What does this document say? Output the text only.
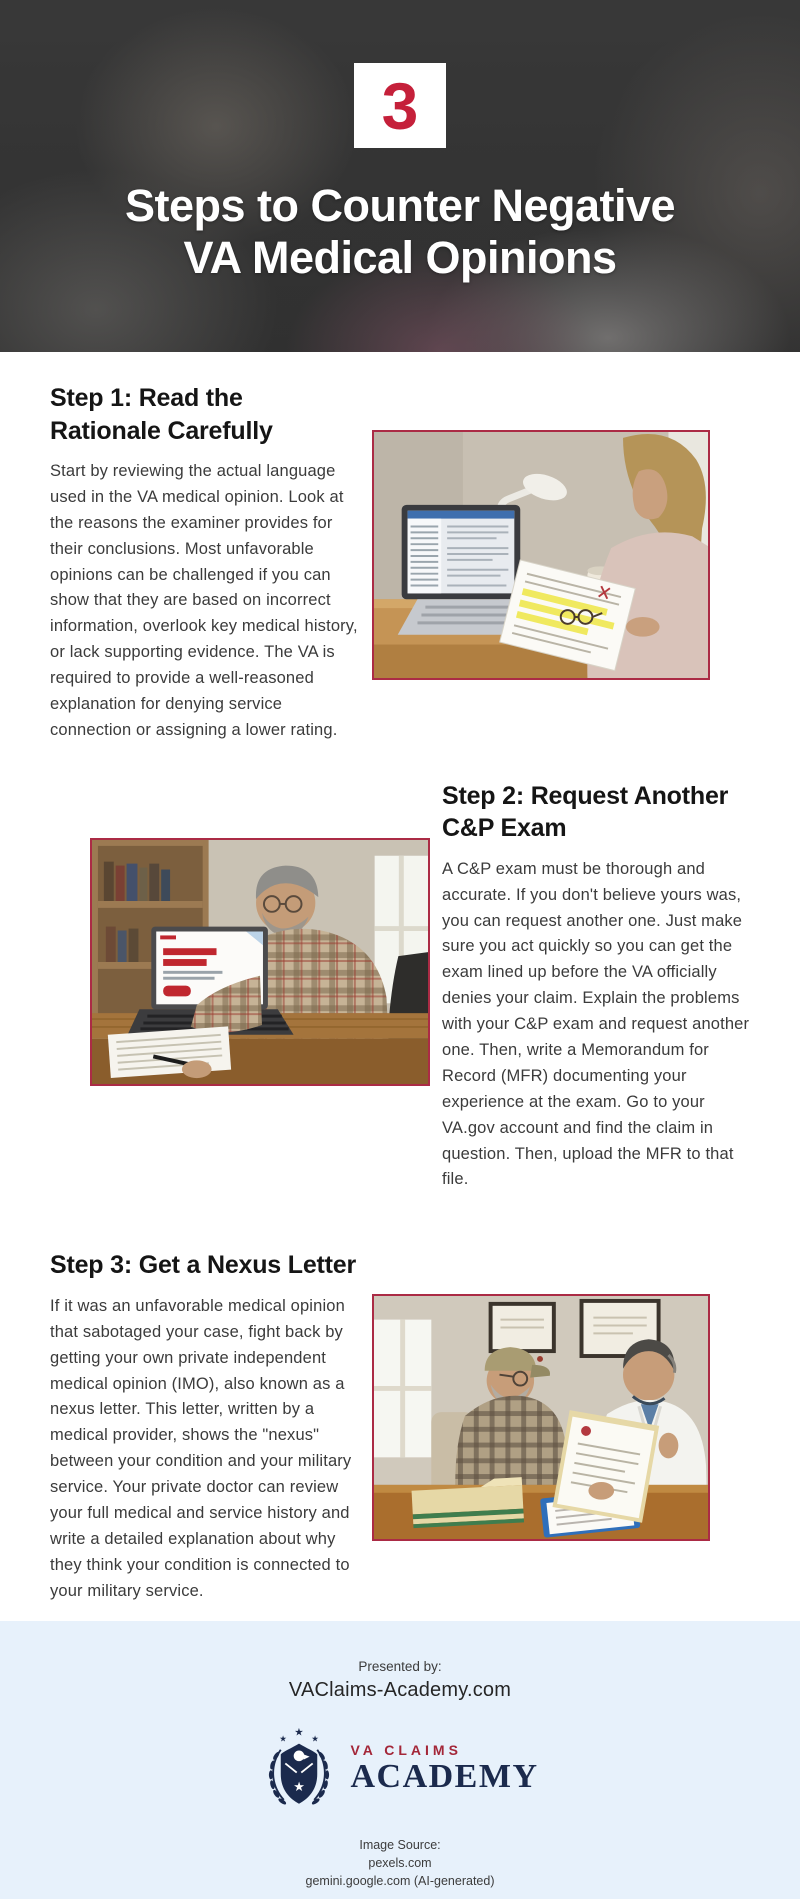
3
Steps to Counter Negative
VA Medical Opinions
Step 1: Read the Rationale Carefully

Start by reviewing the actual language used in the VA medical opinion. Look at the reasons the examiner provides for their conclusions. Most unfavorable opinions can be challenged if you can show that they are based on incorrect information, overlook key medical history, or lack supporting evidence. The VA is required to provide a well-reasoned explanation for denying service connection or assigning a lower rating.

Step 2: Request Another C&P Exam

A C&P exam must be thorough and accurate. If you don't believe yours was, you can request another one. Just make sure you act quickly so you can get the exam lined up before the VA officially denies your claim. Explain the problems with your C&P exam and request another one. Then, write a Memorandum for Record (MFR) documenting your experience at the exam. Go to your VA.gov account and find the claim in question. Then, upload the MFR to that file.

Step 3: Get a Nexus Letter

If it was an unfavorable medical opinion that sabotaged your case, fight back by getting your own private independent medical opinion (IMO), also known as a nexus letter. This letter, written by a medical provider, shows the "nexus" between your condition and your military service. Your private doctor can review your full medical and service history and write a detailed explanation about why they think your condition is connected to your military service.

Presented by:

VAClaims-Academy.com

★
★ ★
★

VA CLAIMS

ACADEMY

Image Source:

pexels.com

gemini.google.com (AI-generated)
